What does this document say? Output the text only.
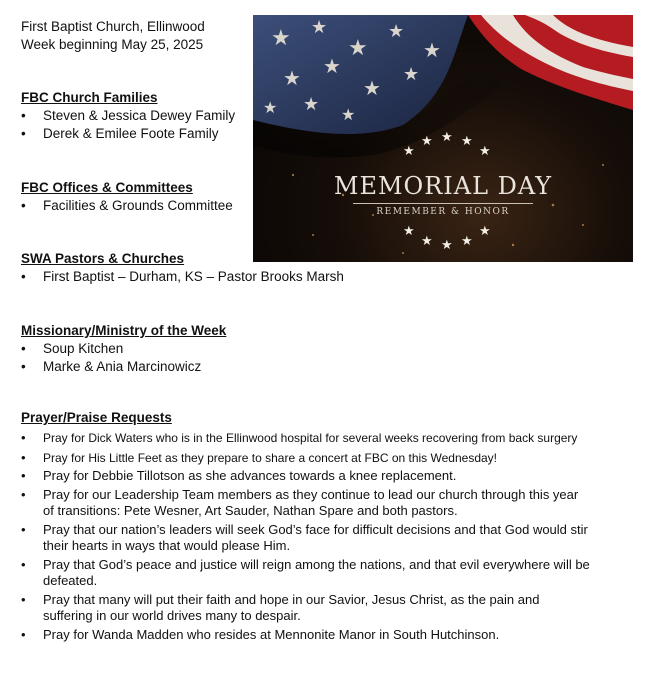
First Baptist Church, Ellinwood
Week beginning May 25, 2025	★ ★
★
★
★
★
★
★
★
★ ★
★
★
★ ★ ★
★
★
★ ★ ★
★
MEMORIAL DAY
REMEMBER & HONOR
FBC Church Families
• Steven & Jessica Dewey Family
• Derek & Emilee Foote Family
FBC Offices & Committees
• Facilities & Grounds Committee
SWA Pastors & Churches
• First Baptist – Durham, KS – Pastor Brooks Marsh
Missionary/Ministry of the Week
• Soup Kitchen
• Marke & Ania Marcinowicz
Prayer/Praise Requests
• Pray for Dick Waters who is in the Ellinwood hospital for several weeks recovering from back surgery
• Pray for His Little Feet as they prepare to share a concert at FBC on this Wednesday!
• Pray for Debbie Tillotson as she advances towards a knee replacement.
• Pray for our Leadership Team members as they continue to lead our church through this year of transitions: Pete Wesner, Art Sauder, Nathan Spare and both pastors.
• Pray that our nation’s leaders will seek God’s face for difficult decisions and that God would stir their hearts in ways that would please Him.
• Pray that God’s peace and justice will reign among the nations, and that evil everywhere will be defeated.
• Pray that many will put their faith and hope in our Savior, Jesus Christ, as the pain and suffering in our world drives many to despair.
• Pray for Wanda Madden who resides at Mennonite Manor in South Hutchinson.
